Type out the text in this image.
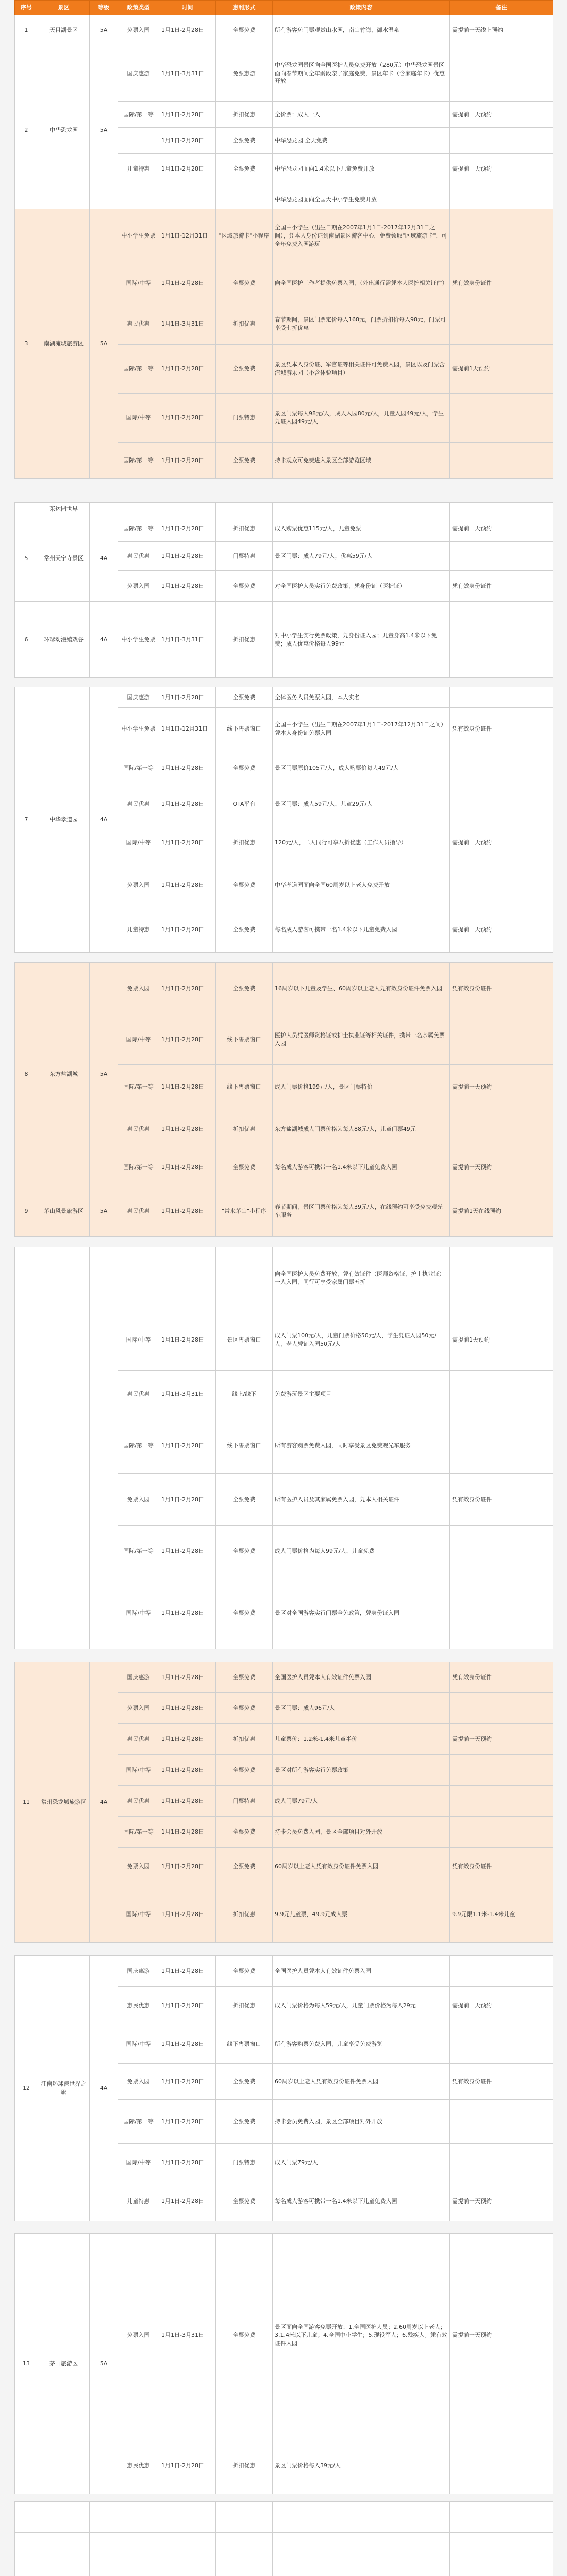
序号	景区	等级	政策类型	时间	惠利形式	政策内容	备注
1	天目湖景区	5A	免票入园	1月1日-2月28日	全票免费	所有游客免门票观赏山水园，南山竹海、御水温泉	需提前一天线上预约
2	中华恐龙园	5A	国庆惠游	1月1日-3月31日	免票惠游	中华恐龙园景区向全国医护人员免费开放（280元）中华恐龙园景区面向春节期间全年龄段亲子家庭免费，景区年卡（含家庭年卡）优惠开放	
			国际/第一等	1月1日-2月28日	折扣优惠	全价票：成人一人	需提前一天预约
				1月1日-2月28日	全票免费	中华恐龙园 全天免费	
			儿童特惠	1月1日-2月28日	全票免费	中华恐龙园面向1.4米以下儿童免费开放	需提前一天预约
						中华恐龙园面向全国大中小学生免费开放	
3	南湖淹城旅游区	5A	中小学生免票	1月1日-12月31日	"区域旅游卡"小程序	全国中小学生（出生日期在2007年1月1日-2017年12月31日之间），凭本人身份证到南湖景区游客中心，免费领取"区域旅游卡"，可全年免费入园游玩	
			国际/中等	1月1日-2月28日	全票免费	向全国医护工作者提供免票入园，（外出通行需凭本人医护相关证件）	凭有效身份证件
			惠民优惠	1月1日-3月31日	折扣优惠	春节期间，景区门票定价每人168元，门票折扣价每人98元，门票可享受七折优惠	
			国际/第一等	1月1日-2月28日	全票免费	景区凭本人身份证、军官证等相关证件可免费入园，景区以及门票含淹城游乐园（不含体验项目）	需提前1天预约
			国际/中等	1月1日-2月28日	门票特惠	景区门票每人98元/人，成人入园80元/人，儿童入园49元/人，学生凭证入园49元/人	
			国际/第一等	1月1日-2月28日	全票免费	持卡观众可免费进入景区全部游览区域	
	东运园世界						
5	常州天宁寺景区	4A	国际/第一等	1月1日-2月28日	折扣优惠	成人购票优惠115元/人，儿童免票	需提前一天预约
			惠民优惠	1月1日-2月28日	门票特惠	景区门票：成人79元/人，优惠59元/人	
			免票入园	1月1日-2月28日	全票免费	对全国医护人员实行免费政策，凭身份证（医护证）	凭有效身份证件
6	环球动漫嬉戏谷	4A	中小学生免票	1月1日-3月31日	折扣优惠	对中小学生实行免票政策，凭身份证入园；儿童身高1.4米以下免费；成人优惠价格每人99元	
7	中华孝道园	4A	国庆惠游	1月1日-2月28日	全票免费	全体医务人员免票入园，本人实名	
			中小学生免票	1月1日-12月31日	线下售票窗口	全国中小学生（出生日期在2007年1月1日-2017年12月31日之间）凭本人身份证免票入园	凭有效身份证件
			国际/第一等	1月1日-2月28日	全票免费	景区门票原价105元/人，成人购票价每人49元/人	
			惠民优惠	1月1日-2月28日	OTA平台	景区门票：成人59元/人，儿童29元/人	
			国际/中等	1月1日-2月28日	折扣优惠	120元/人，二人同行可享八折优惠（工作人员指导）	需提前一天预约
			免票入园	1月1日-2月28日	全票免费	中华孝道园面向全国60周岁以上老人免费开放	
			儿童特惠	1月1日-2月28日	全票免费	每名成人游客可携带一名1.4米以下儿童免费入园	需提前一天预约
8	东方盐湖城	5A	免票入园	1月1日-2月28日	全票免费	16周岁以下儿童及学生、60周岁以上老人凭有效身份证件免票入园	凭有效身份证件
			国际/中等	1月1日-2月28日	线下售票窗口	医护人员凭医师资格证或护士执业证等相关证件，携带一名亲属免票入园	
			国际/第一等	1月1日-2月28日	线下售票窗口	成人门票价格199元/人，景区门票特价	需提前一天预约
			惠民优惠	1月1日-2月28日	折扣优惠	东方盐湖城成人门票价格为每人88元/人，儿童门票49元	
			国际/第一等	1月1日-2月28日	全票免费	每名成人游客可携带一名1.4米以下儿童免费入园	需提前一天预约
9	茅山风景旅游区	5A	惠民优惠	1月1日-2月28日	"常来茅山"小程序	春节期间，景区门票价格为每人39元/人，在线预约可享受免费观光车服务	需提前1天在线预约
						向全国医护人员免费开放，凭有效证件（医师资格证、护士执业证）一人入园，同行可享受家属门票五折	
			国际/中等	1月1日-2月28日	景区售票窗口	成人门票100元/人，儿童门票价格50元/人，学生凭证入园50元/人，老人凭证入园50元/人	需提前1天预约
			惠民优惠	1月1日-3月31日	线上/线下	免费游玩景区主要项目	
			国际/第一等	1月1日-2月28日	线下售票窗口	所有游客购票免费入园，同时享受景区免费观光车服务	
			免票入园	1月1日-2月28日	全票免费	所有医护人员及其家属免票入园，凭本人相关证件	凭有效身份证件
			国际/第一等	1月1日-2月28日	全票免费	成人门票价格为每人99元/人，儿童免费	
			国际/中等	1月1日-2月28日	全票免费	景区对全国游客实行门票全免政策，凭身份证入园	
11	常州恐龙城旅游区	4A	国庆惠游	1月1日-2月28日	全票免费	全国医护人员凭本人有效证件免票入园	凭有效身份证件
			免票入园	1月1日-2月28日	全票免费	景区门票：成人96元/人	
			惠民优惠	1月1日-2月28日	折扣优惠	儿童票价：1.2米-1.4米儿童半价	需提前一天预约
			国际/中等	1月1日-2月28日	全票免费	景区对所有游客实行免票政策	
			惠民优惠	1月1日-2月28日	门票特惠	成人门票79元/人	
			国际/第一等	1月1日-2月28日	全票免费	持卡会员免费入园，景区全部项目对外开放	
			免票入园	1月1日-2月28日	全票免费	60周岁以上老人凭有效身份证件免票入园	凭有效身份证件
			国际/中等	1月1日-2月28日	折扣优惠	9.9元儿童票，49.9元成人票	9.9元限1.1米-1.4米儿童
12	江南环球港世界之旅	4A	国庆惠游	1月1日-2月28日	全票免费	全国医护人员凭本人有效证件免票入园	
			惠民优惠	1月1日-2月28日	折扣优惠	成人门票价格为每人59元/人，儿童门票价格为每人29元	需提前一天预约
			国际/中等	1月1日-2月28日	线下售票窗口	所有游客购票免费入园，儿童享受免费游览	
			免票入园	1月1日-2月28日	全票免费	60周岁以上老人凭有效身份证件免票入园	凭有效身份证件
			国际/第一等	1月1日-2月28日	全票免费	持卡会员免费入园，景区全部项目对外开放	
			国际/中等	1月1日-2月28日	门票特惠	成人门票79元/人	
			儿童特惠	1月1日-2月28日	全票免费	每名成人游客可携带一名1.4米以下儿童免费入园	需提前一天预约
13	茅山旅游区	5A	免票入园	1月1日-3月31日	全票免费	景区面向全国游客免票开放：1.全国医护人员；2.60周岁以上老人；3.1.4米以下儿童；4.全国中小学生；5.现役军人；6.残疾人。凭有效证件入园	需提前一天预约
			惠民优惠	1月1日-2月28日	折扣优惠	景区门票价格每人39元/人	
